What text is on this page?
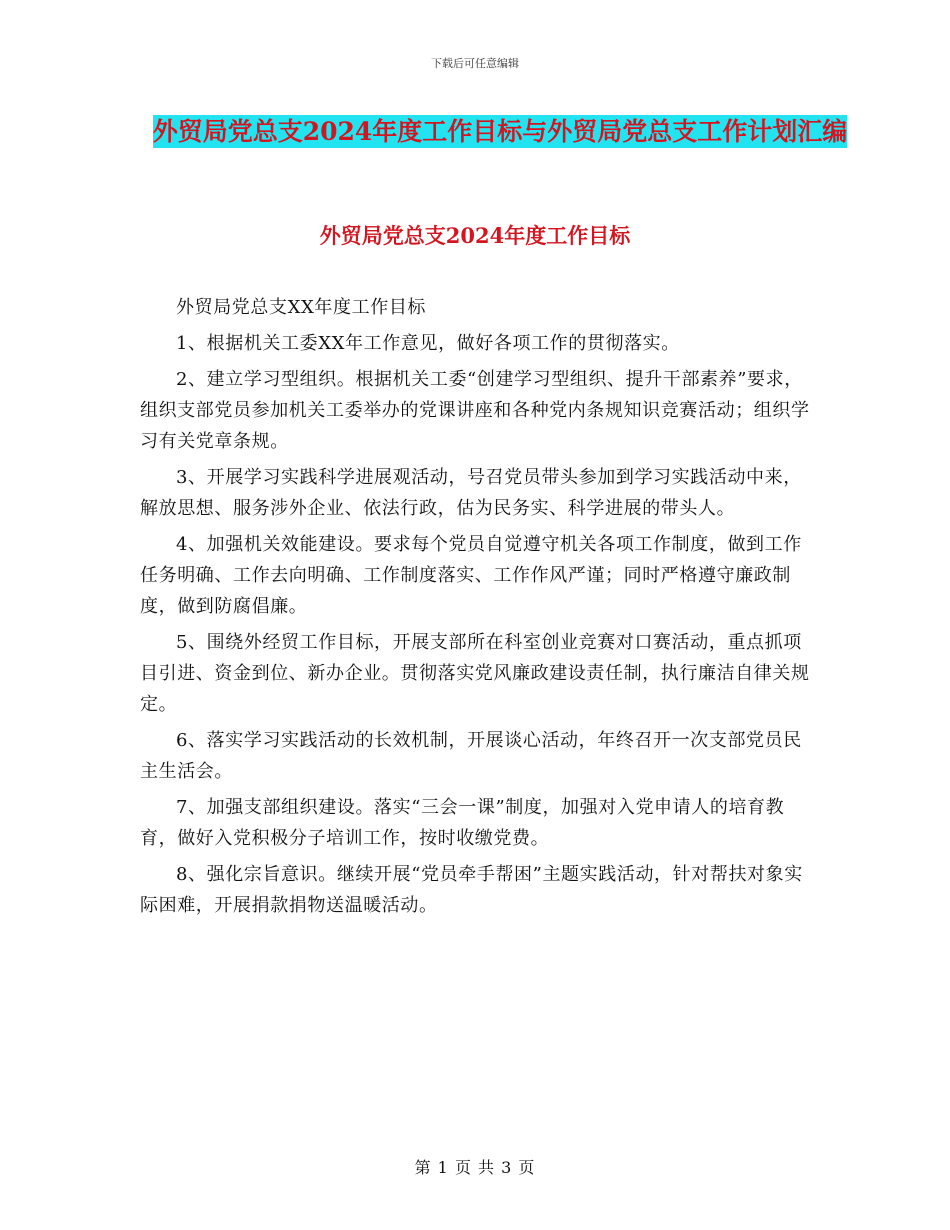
下载后可任意编辑
外贸局党总支2024年度工作目标与外贸局党总支工作计划汇编
外贸局党总支2024年度工作目标

外贸局党总支XX年度工作目标

1、根据机关工委XX年工作意见，做好各项工作的贯彻落实。

2、建立学习型组织。根据机关工委“创建学习型组织、提升干部素养”要求，组织支部党员参加机关工委举办的党课讲座和各种党内条规知识竞赛活动；组织学习有关党章条规。

3、开展学习实践科学进展观活动，号召党员带头参加到学习实践活动中来，解放思想、服务涉外企业、依法行政，估为民务实、科学进展的带头人。

4、加强机关效能建设。要求每个党员自觉遵守机关各项工作制度，做到工作任务明确、工作去向明确、工作制度落实、工作作风严谨；同时严格遵守廉政制度，做到防腐倡廉。

5、围绕外经贸工作目标，开展支部所在科室创业竞赛对口赛活动，重点抓项目引进、资金到位、新办企业。贯彻落实党风廉政建设责任制，执行廉洁自律关规定。

6、落实学习实践活动的长效机制，开展谈心活动，年终召开一次支部党员民主生活会。

7、加强支部组织建设。落实“三会一课”制度，加强对入党申请人的培育教育，做好入党积极分子培训工作，按时收缴党费。

8、强化宗旨意识。继续开展“党员牵手帮困”主题实践活动，针对帮扶对象实际困难，开展捐款捐物送温暖活动。

第 1 页 共 3 页
